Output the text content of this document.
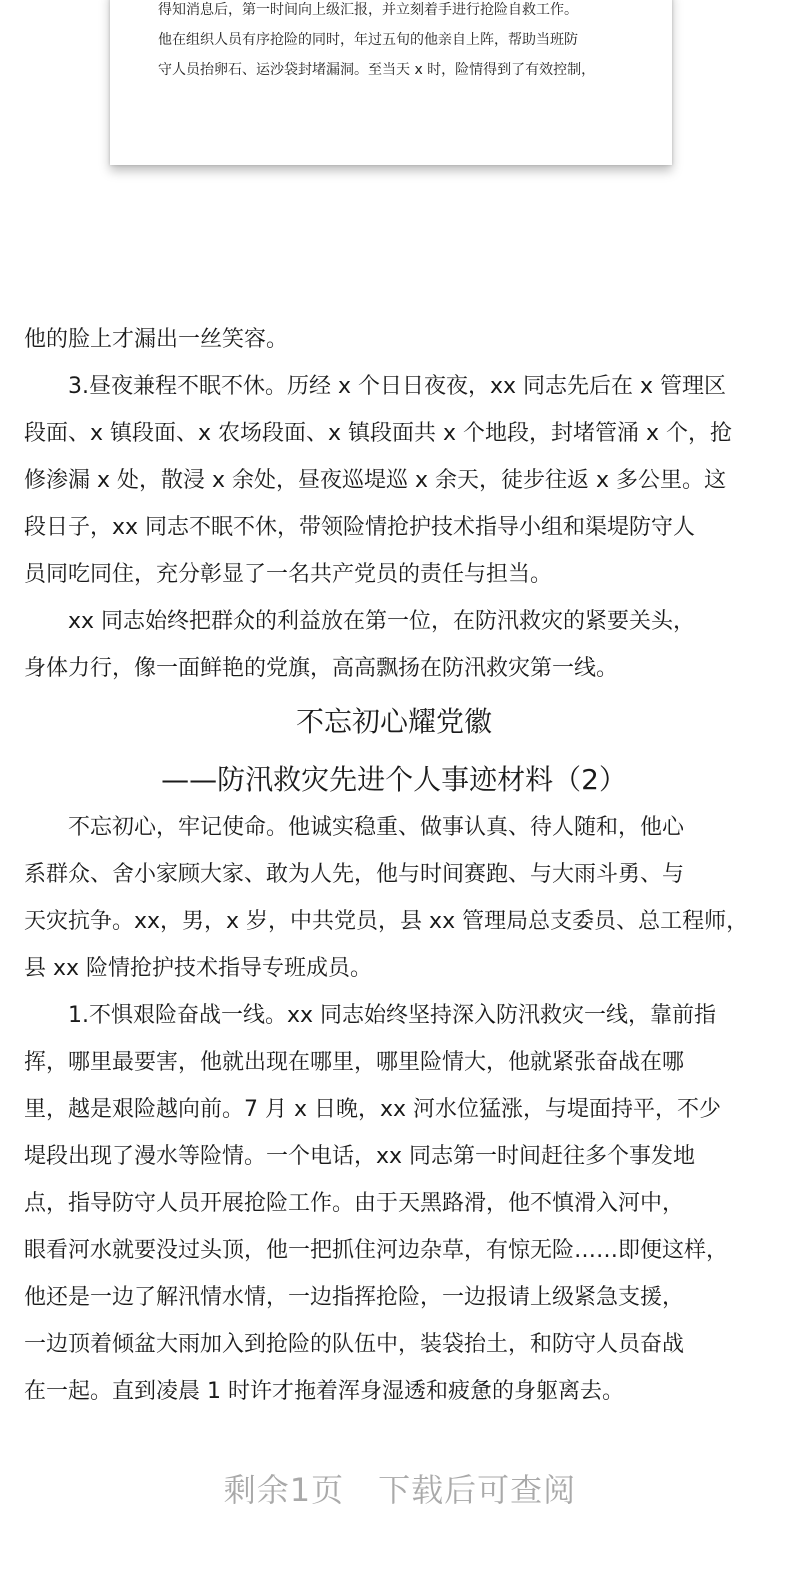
得知消息后，第一时间向上级汇报，并立刻着手进行抢险自救工作。
他在组织人员有序抢险的同时，年过五旬的他亲自上阵，帮助当班防
守人员抬卵石、运沙袋封堵漏洞。至当天 x 时，险情得到了有效控制，
他的脸上才漏出一丝笑容。
　　3.昼夜兼程不眠不休。历经 x 个日日夜夜，xx 同志先后在 x 管理区
段面、x 镇段面、x 农场段面、x 镇段面共 x 个地段，封堵管涌 x 个，抢
修渗漏 x 处，散浸 x 余处，昼夜巡堤巡 x 余天，徒步往返 x 多公里。这
段日子，xx 同志不眠不休，带领险情抢护技术指导小组和渠堤防守人
员同吃同住，充分彰显了一名共产党员的责任与担当。
　　xx 同志始终把群众的利益放在第一位，在防汛救灾的紧要关头，
身体力行，像一面鲜艳的党旗，高高飘扬在防汛救灾第一线。
不忘初心耀党徽
——防汛救灾先进个人事迹材料（2）
　　不忘初心，牢记使命。他诚实稳重、做事认真、待人随和，他心
系群众、舍小家顾大家、敢为人先，他与时间赛跑、与大雨斗勇、与
天灾抗争。xx，男，x 岁，中共党员，县 xx 管理局总支委员、总工程师，
县 xx 险情抢护技术指导专班成员。
　　1.不惧艰险奋战一线。xx 同志始终坚持深入防汛救灾一线，靠前指
挥，哪里最要害，他就出现在哪里，哪里险情大，他就紧张奋战在哪
里，越是艰险越向前。7 月 x 日晚，xx 河水位猛涨，与堤面持平，不少
堤段出现了漫水等险情。一个电话，xx 同志第一时间赶往多个事发地
点，指导防守人员开展抢险工作。由于天黑路滑，他不慎滑入河中，
眼看河水就要没过头顶，他一把抓住河边杂草，有惊无险……即便这样，
他还是一边了解汛情水情，一边指挥抢险，一边报请上级紧急支援，
一边顶着倾盆大雨加入到抢险的队伍中，装袋抬土，和防守人员奋战
在一起。直到凌晨 1 时许才拖着浑身湿透和疲惫的身躯离去。
剩余1页 下载后可查阅
